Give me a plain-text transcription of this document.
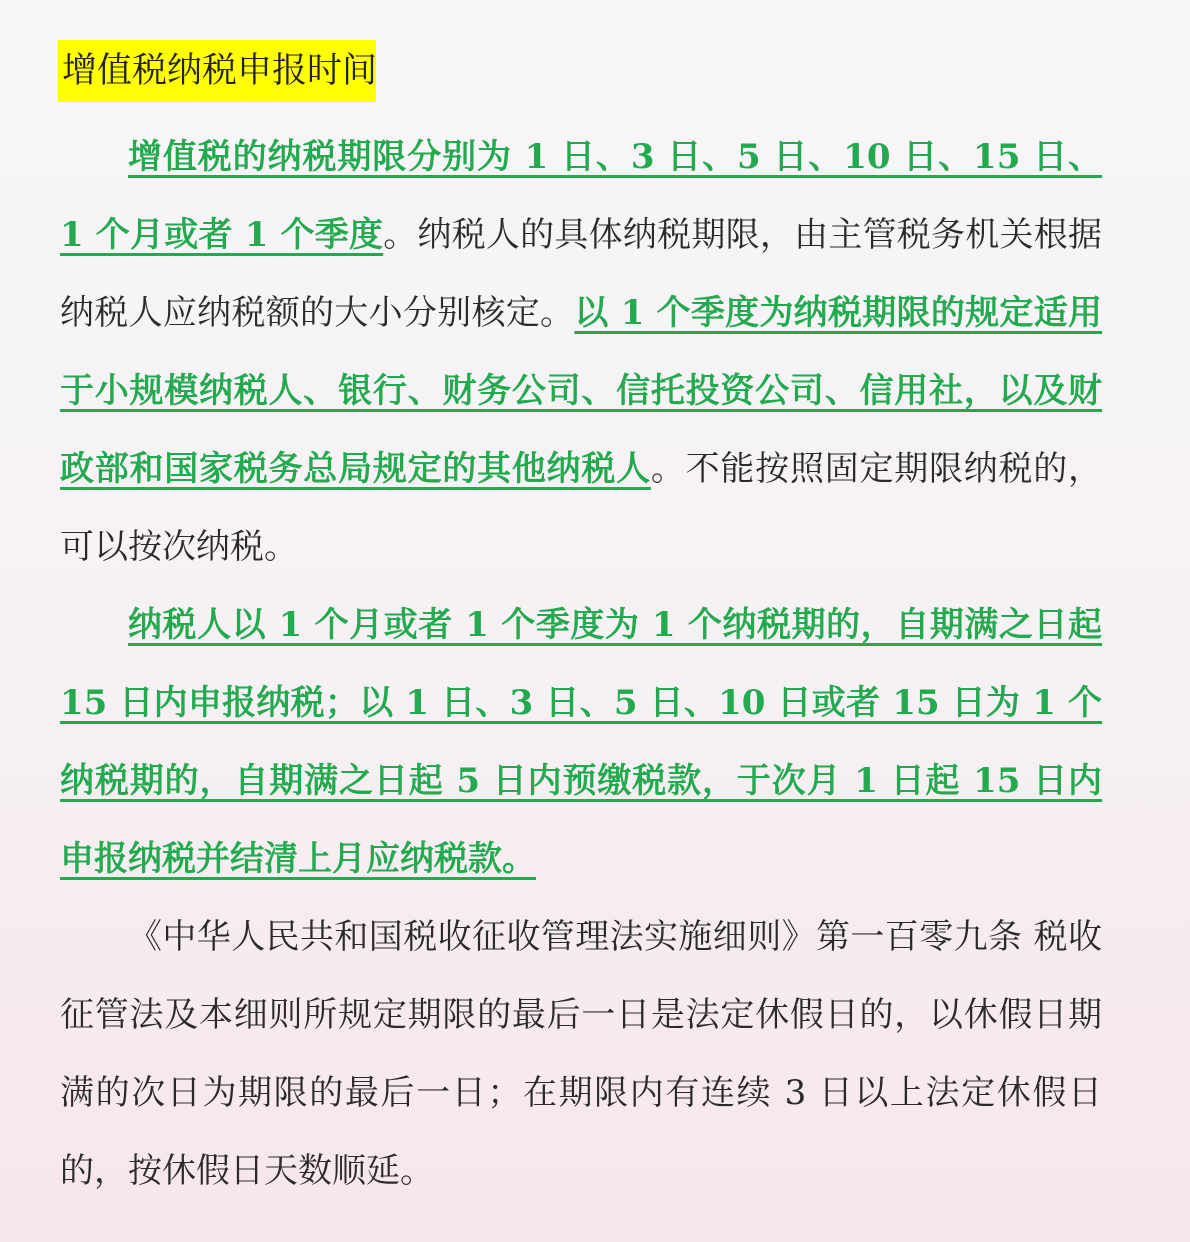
增值税纳税申报时间

增值税的纳税期限分别为 1 日、3 日、5 日、10 日、15 日、1 个月或者 1 个季度。纳税人的具体纳税期限，由主管税务机关根据纳税人应纳税额的大小分别核定。以 1 个季度为纳税期限的规定适用于小规模纳税人、银行、财务公司、信托投资公司、信用社，以及财政部和国家税务总局规定的其他纳税人。不能按照固定期限纳税的，可以按次纳税。

纳税人以 1 个月或者 1 个季度为 1 个纳税期的，自期满之日起 15 日内申报纳税；以 1 日、3 日、5 日、10 日或者 15 日为 1 个纳税期的，自期满之日起 5 日内预缴税款，于次月 1 日起 15 日内申报纳税并结清上月应纳税款。

《中华人民共和国税收征收管理法实施细则》第一百零九条 税收征管法及本细则所规定期限的最后一日是法定休假日的，以休假日期满的次日为期限的最后一日；在期限内有连续 3 日以上法定休假日的，按休假日天数顺延。
